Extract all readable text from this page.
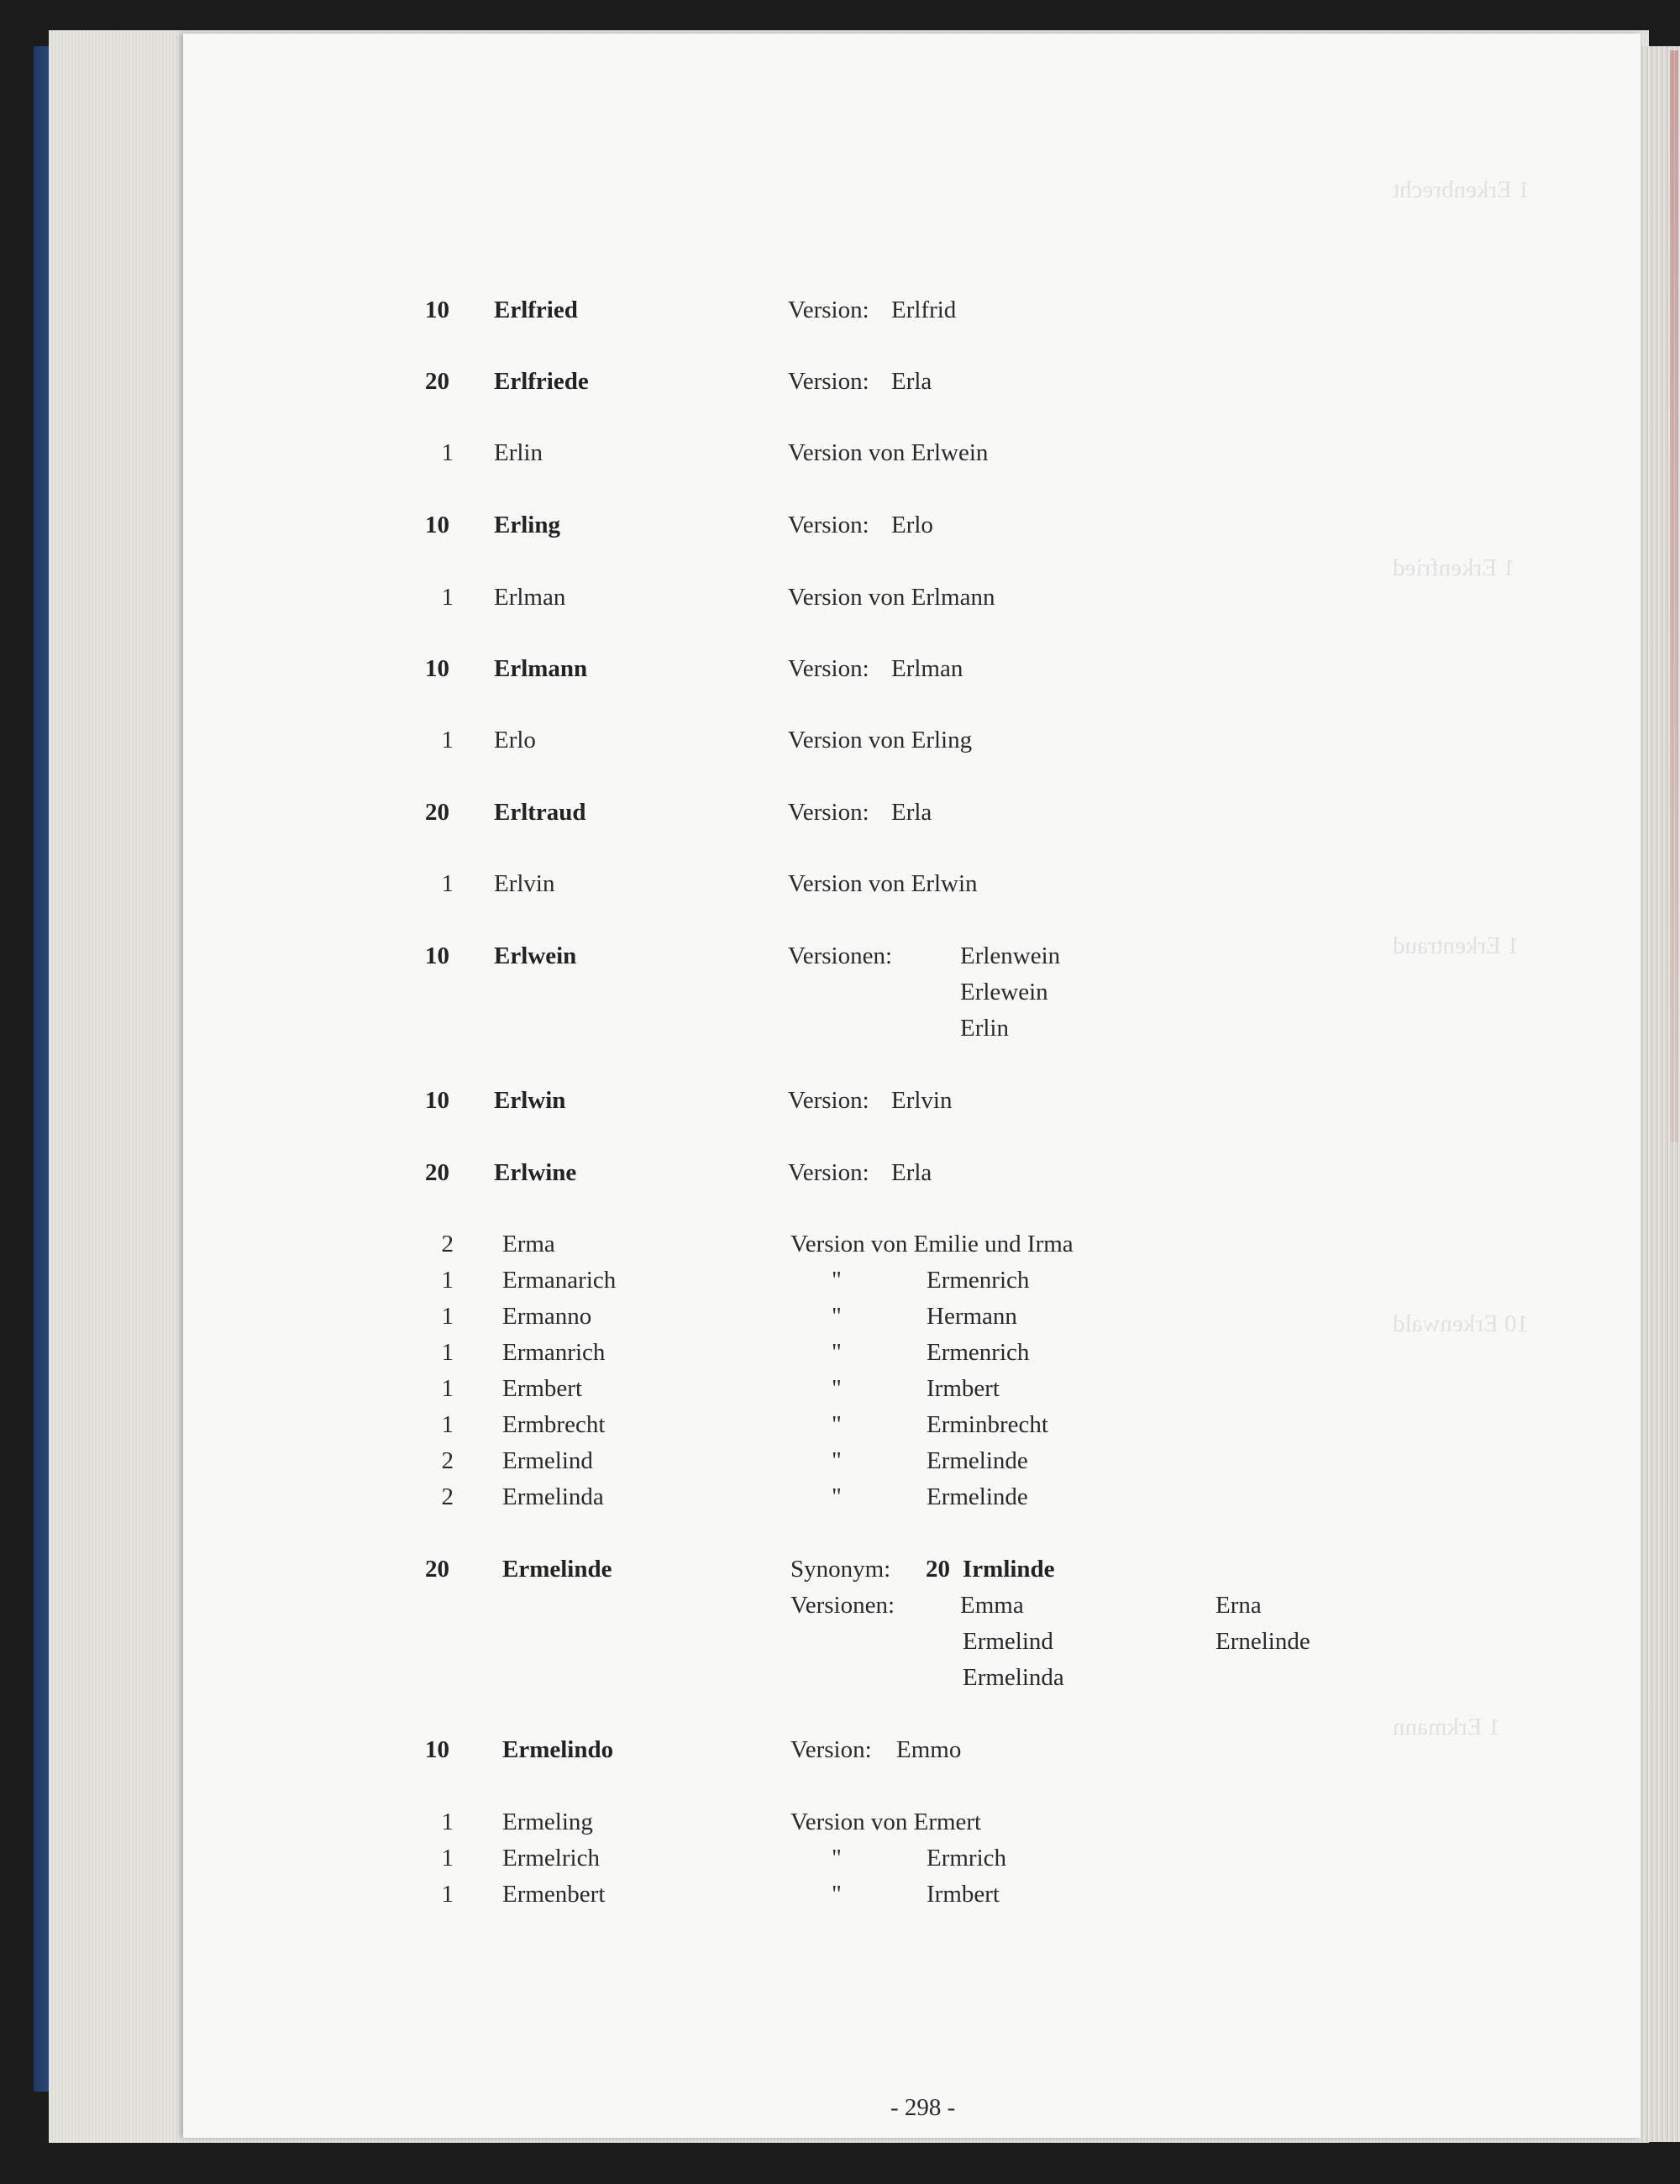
1 Erkenbrecht
1 Erkenfried
1 Erkentraud
10 Erkenwald
1 Erkmann
10 Erlfried	Version: Erlfrid
20 Erlfriede	Version: Erla
1 Erlin	Version von Erlwein
10 Erling	Version: Erlo
1 Erlman	Version von Erlmann
10 Erlmann	Version: Erlman
1 Erlo	Version von Erling
20 Erltraud	Version: Erla
1 Erlvin	Version von Erlwin
10 Erlwein	Versionen:	Erlenwein
Erlewein
Erlin
10 Erlwin	Version: Erlvin
20 Erlwine	Version: Erla
2 Erma	Version von Emilie und Irma
1 Ermanarich	"	Ermenrich
1 Ermanno	"	Hermann
1 Ermanrich	"	Ermenrich
1 Ermbert	"	Irmbert
1 Ermbrecht	"	Erminbrecht
2 Ermelind	"	Ermelinde
2 Ermelinda	"	Ermelinde
20 Ermelinde	Synonym: 20 Irmlinde
Versionen:	Emma	Erna
Ermelind	Ernelinde
Ermelinda
10 Ermelindo	Version: Emmo
1 Ermeling	Version von Ermert
1 Ermelrich	"	Ermrich
1 Ermenbert	"	Irmbert
- 298 -
